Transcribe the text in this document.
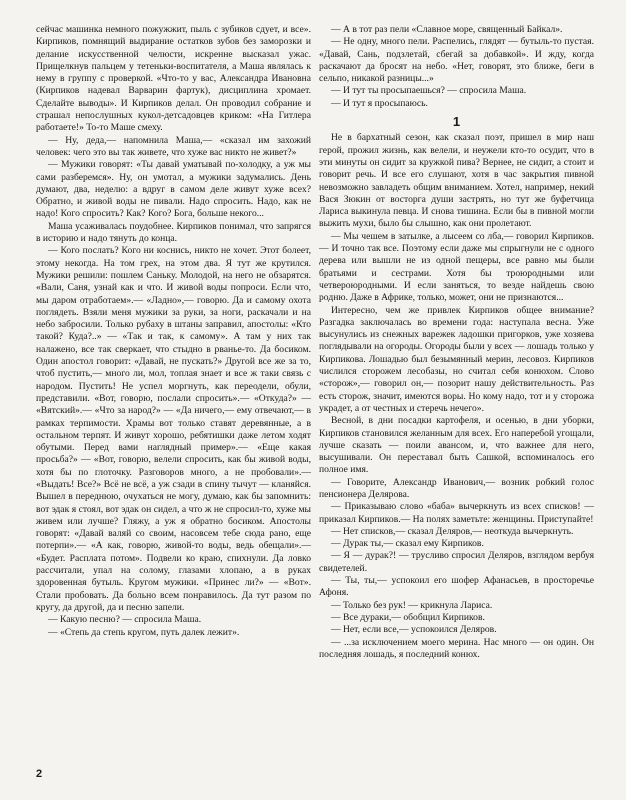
сейчас машинка немного пожужжит, пыль с зубиков сдует, и все». Кирпиков, помнящий выдирание остатков зубов без заморозки и делание искусственной челюсти, искренне высказал ужас. Прищелкнув пальцем у тетеньки-воспитателя, а Маша являлась к нему в группу с проверкой. «Что-то у вас, Александра Ивановна (Кирпиков надевал Варварин фартук), дисциплина хромает. Сделайте выводы». И Кирпиков делал. Он проводил собрание и страшал непослушных кукол-детсадовцев криком: «На Гитлера работаете!» То-то Маше смеху.

— Ну, деда,— напомнила Маша,— «сказал им захожий человек: чего это вы так живете, что хуже вас никто не живет?»

— Мужики говорят: «Ты давай уматывай по-холодку, а уж мы сами разберемся». Ну, он умотал, а мужики задумались. День думают, два, неделю: а вдруг в самом деле живут хуже всех? Обратно, и живой воды не пивали. Надо спросить. Надо, как не надо! Кого спросить? Как? Кого? Бога, больше некого...

Маша усаживалась поудобнее. Кирпиков понимал, что запрягся в историю и надо тянуть до конца.

— Кого послать? Кого ни коснись, никто не хочет. Этот болеет, этому некогда. На том грех, на этом два. Я тут же крутился. Мужики решили: пошлем Саньку. Молодой, на него не обзарятся. «Вали, Саня, узнай как и что. И живой воды попроси. Если что, мы даром отработаем».— «Ладно»,— говорю. Да и самому охота поглядеть. Взяли меня мужики за руки, за ноги, раскачали и на небо забросили. Только рубаху в штаны заправил, апостолы: «Кто такой? Куда?..» — «Так и так, к самому». А там у них так налажено, все так сверкает, что стыдно в рванье-то. Да босиком. Один апостол говорит: «Давай, не пускать?» Другой все же за то, чтоб пустить,— много ли, мол, топлая знает и все ж таки связь с народом. Пустить! Не успел моргнуть, как переодели, обули, представили. «Вот, говорю, послали спросить».— «Откуда?» — «Вятский».— «Что за народ?» — «Да ничего,— ему отвечают,— в рамках терпимости. Храмы вот только ставят деревянные, а в остальном терпят. И живут хорошо, ребятишки даже летом ходят обутыми. Перед вами наглядный пример».— «Еще какая просьба?» — «Вот, говорю, велели спросить, как бы живой воды, хотя бы по глоточку. Разговоров много, а не пробовали».— «Выдать! Все?» Всё не всё, а уж сзади в спину тычут — кланяйся. Вышел в переднюю, очухаться не могу, думаю, как бы запомнить: вот эдак я стоял, вот эдак он сидел, а что ж не спросил-то, хуже мы живем или лучше? Гляжу, а уж я обратно босиком. Апостолы говорят: «Давай валяй со своим, насовсем тебе сюда рано, еще потерпи».— «А как, говорю, живой-то воды, ведь обещали».— «Будет. Расплата потом». Подвели ко краю, спихнули. Да ловко рассчитали, упал на солому, глазами хлопаю, а в руках здоровенная бутыль. Кругом мужики. «Принес ли?» — «Вот». Стали пробовать. Да больно всем понравилось. Да тут разом по кругу, да другой, да и песню запели.

— Какую песню? — спросила Маша.

— «Степь да степь кругом, путь далек лежит».

— А в тот раз пели «Славное море, священный Байкал».

— Не одну, много пели. Распелись, глядят — бутыль-то пустая. «Давай, Сань, подзлетай, сбегай за добавкой». И жду, когда раскачают да бросят на небо. «Нет, говорят, это ближе, беги в сельпо, никакой разницы...»

— И тут ты просыпаешься? — спросила Маша.

— И тут я просыпаюсь.

1

Не в бархатный сезон, как сказал поэт, пришел в мир наш герой, прожил жизнь, как велели, и неужели кто-то осудит, что в эти минуты он сидит за кружкой пива? Вернее, не сидит, а стоит и говорит речь. И все его слушают, хотя в час закрытия пивной невозможно завладеть общим вниманием. Хотел, например, некий Вася Зюкин от восторга души застрять, но тут же буфетчица Лариса выкинула певца. И снова тишина. Если бы в пивной могли выжить мухи, было бы слышно, как они пролетают.

— Мы чешем в затылке, а лысеем со лба,— говорил Кирпиков.— И точно так все. Поэтому если даже мы спрыгнули не с одного дерева или вышли не из одной пещеры, все равно мы были братьями и сестрами. Хотя бы троюродными или четвероюродными. И если заняться, то везде найдешь свою родню. Даже в Африке, только, может, они не признаются...

Интересно, чем же привлек Кирпиков общее внимание? Разгадка заключалась во времени года: наступала весна. Уже высунулись из снежных варежек ладошки пригорков, уже хозяева поглядывали на огороды. Огороды были у всех — лошадь только у Кирпикова. Лошадью был безымянный мерин, лесовоз. Кирпиков числился сторожем лесобазы, но считал себя конюхом. Слово «сторож»,— говорил он,— позорит нашу действительность. Раз есть сторож, значит, имеются воры. Но кому надо, тот и у сторожа украдет, а от честных и стеречь нечего».

Весной, в дни посадки картофеля, и осенью, в дни уборки, Кирпиков становился желанным для всех. Его наперебой угощали, лучше сказать — поили авансом, и, что важнее для него, высушивали. Он переставал быть Сашкой, вспоминалось его полное имя.

— Говорите, Александр Иванович,— возник робкий голос пенсионера Делярова.

— Приказываю слово «баба» вычеркнуть из всех списков! — приказал Кирпиков.— На полях заметьте: женщины. Приступайте!

— Нет списков,— сказал Деляров,— неоткуда вычеркнуть.

— Дурак ты,— сказал ему Кирпиков.

— Я — дурак?! — трусливо спросил Деляров, взглядом вербуя свидетелей.

— Ты, ты,— успокоил его шофер Афанасьев, в просторечье Афоня.

— Только без рук! — крикнула Лариса.

— Все дураки,— обобщил Кирпиков.

— Нет, если все,— успокоился Деляров.

— ...за исключением моего мерина. Нас много — он один. Он последняя лошадь, я последний конюх.

2
